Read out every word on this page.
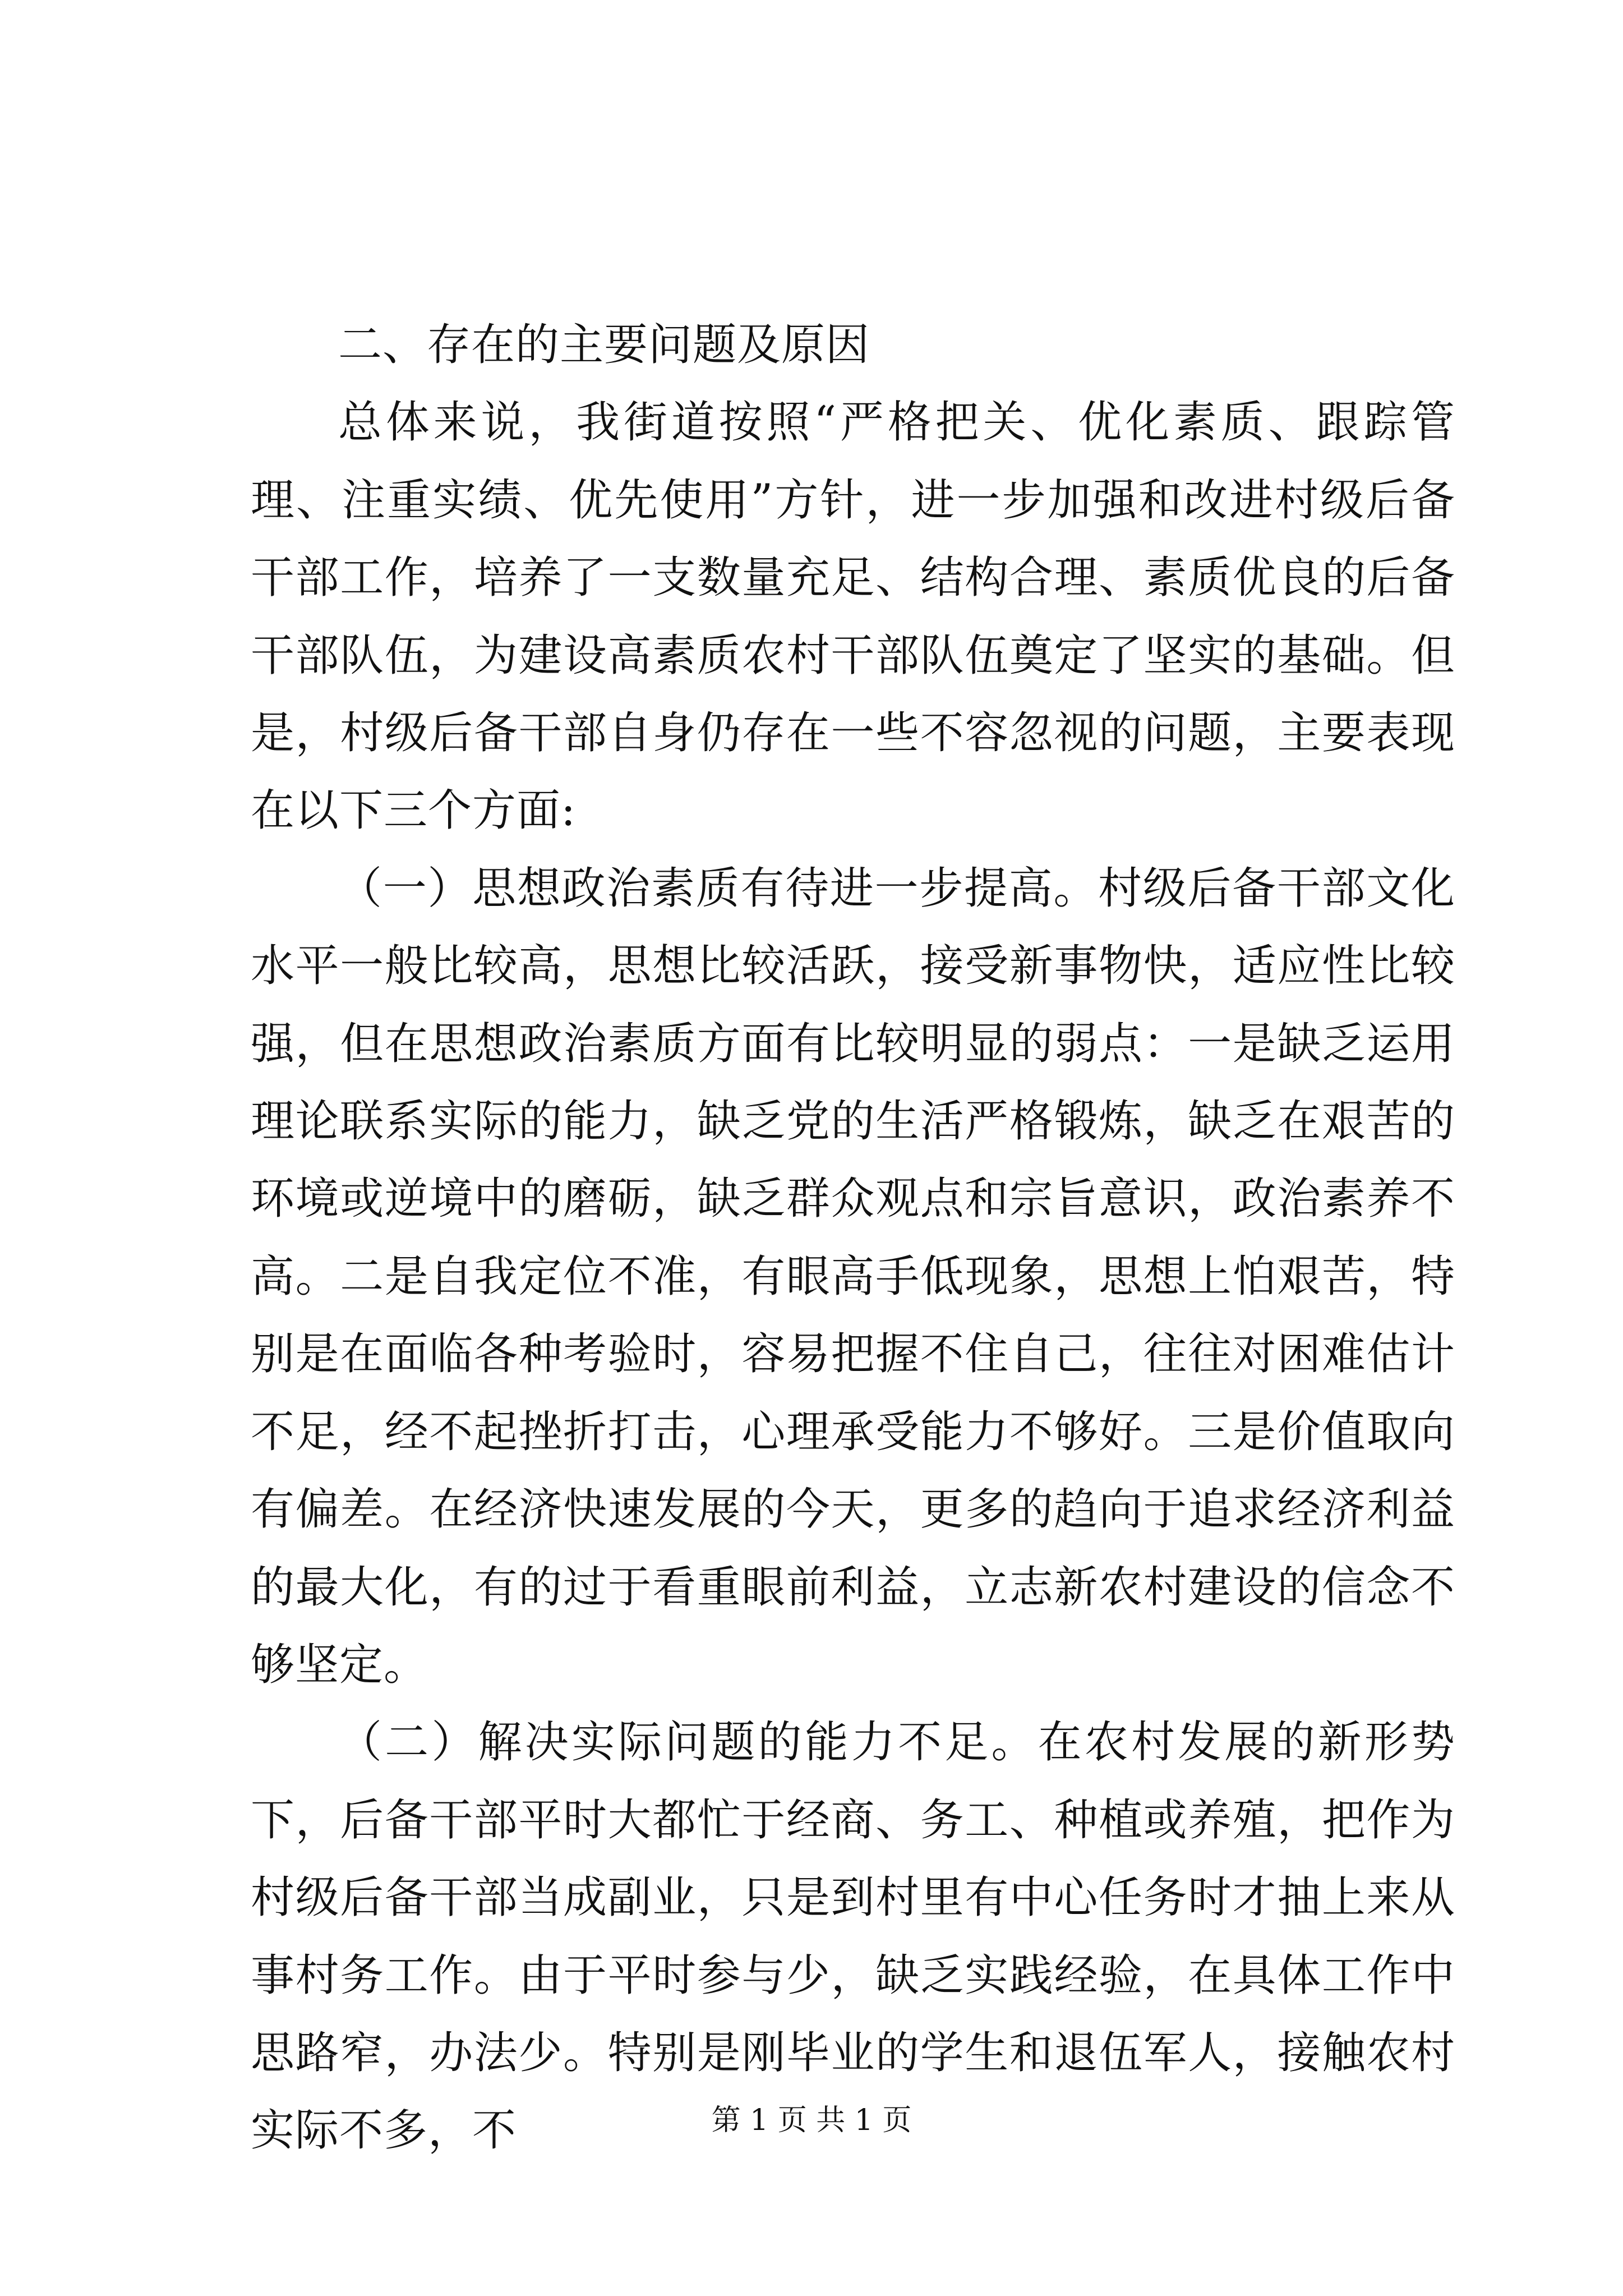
二、存在的主要问题及原因

总体来说，我街道按照“严格把关、优化素质、跟踪管理、注重实绩、优先使用”方针，进一步加强和改进村级后备干部工作，培养了一支数量充足、结构合理、素质优良的后备干部队伍，为建设高素质农村干部队伍奠定了坚实的基础。但是，村级后备干部自身仍存在一些不容忽视的问题，主要表现在以下三个方面:

（一）思想政治素质有待进一步提高。村级后备干部文化水平一般比较高，思想比较活跃，接受新事物快，适应性比较强，但在思想政治素质方面有比较明显的弱点：一是缺乏运用理论联系实际的能力，缺乏党的生活严格锻炼，缺乏在艰苦的环境或逆境中的磨砺，缺乏群众观点和宗旨意识，政治素养不高。二是自我定位不准，有眼高手低现象，思想上怕艰苦，特别是在面临各种考验时，容易把握不住自己，往往对困难估计不足，经不起挫折打击，心理承受能力不够好。三是价值取向有偏差。在经济快速发展的今天，更多的趋向于追求经济利益的最大化，有的过于看重眼前利益，立志新农村建设的信念不够坚定。

（二）解决实际问题的能力不足。在农村发展的新形势下，后备干部平时大都忙于经商、务工、种植或养殖，把作为村级后备干部当成副业，只是到村里有中心任务时才抽上来从事村务工作。由于平时参与少，缺乏实践经验，在具体工作中思路窄，办法少。特别是刚毕业的学生和退伍军人，接触农村实际不多，不	第 1 页 共 1 页
